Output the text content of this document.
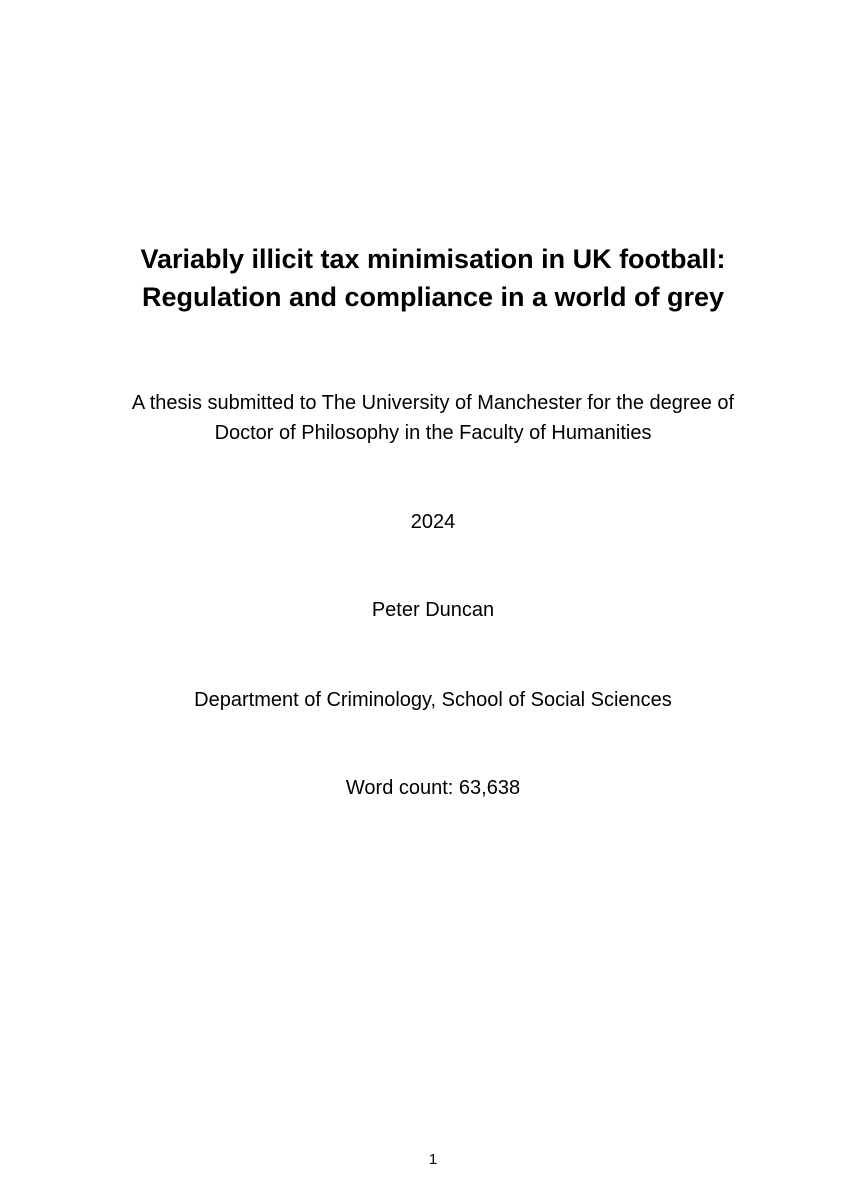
Variably illicit tax minimisation in UK football:
Regulation and compliance in a world of grey

A thesis submitted to The University of Manchester for the degree of
Doctor of Philosophy in the Faculty of Humanities

2024

Peter Duncan

Department of Criminology, School of Social Sciences

Word count: 63,638

1
